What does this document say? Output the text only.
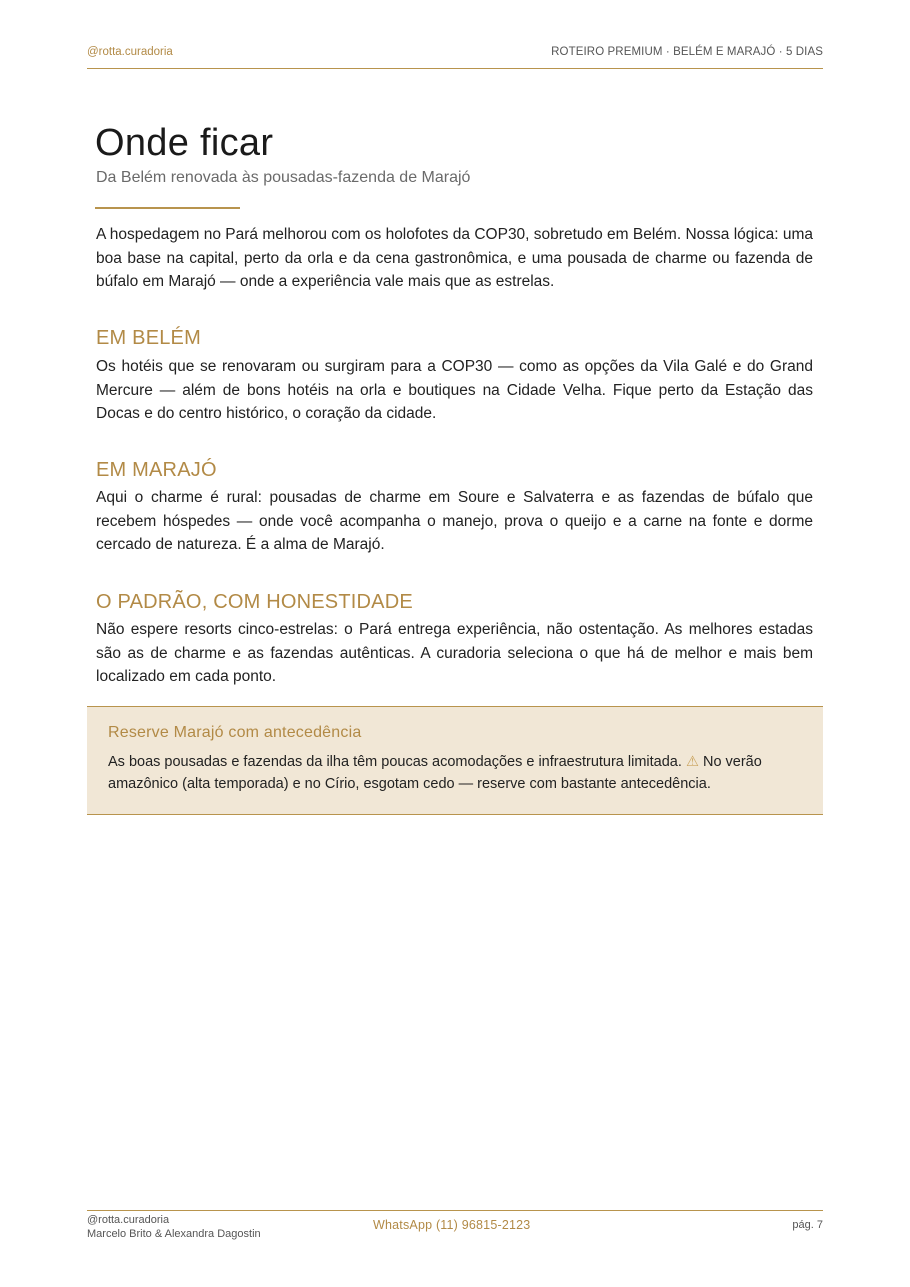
@rotta.curadoria	ROTEIRO PREMIUM · BELÉM E MARAJÓ · 5 DIAS
Onde ficar
Da Belém renovada às pousadas-fazenda de Marajó

A hospedagem no Pará melhorou com os holofotes da COP30, sobretudo em Belém. Nossa lógica: uma boa base na capital, perto da orla e da cena gastronômica, e uma pousada de charme ou fazenda de búfalo em Marajó — onde a experiência vale mais que as estrelas.

EM BELÉM

Os hotéis que se renovaram ou surgiram para a COP30 — como as opções da Vila Galé e do Grand Mercure — além de bons hotéis na orla e boutiques na Cidade Velha. Fique perto da Estação das Docas e do centro histórico, o coração da cidade.

EM MARAJÓ

Aqui o charme é rural: pousadas de charme em Soure e Salvaterra e as fazendas de búfalo que recebem hóspedes — onde você acompanha o manejo, prova o queijo e a carne na fonte e dorme cercado de natureza. É a alma de Marajó.

O PADRÃO, COM HONESTIDADE

Não espere resorts cinco-estrelas: o Pará entrega experiência, não ostentação. As melhores estadas são as de charme e as fazendas autênticas. A curadoria seleciona o que há de melhor e mais bem localizado em cada ponto.

Reserve Marajó com antecedência

As boas pousadas e fazendas da ilha têm poucas acomodações e infraestrutura limitada. ⚠ No verão amazônico (alta temporada) e no Círio, esgotam cedo — reserve com bastante antecedência.

@rotta.curadoria
Marcelo Brito & Alexandra Dagostin
WhatsApp (11) 96815-2123	pág. 7
